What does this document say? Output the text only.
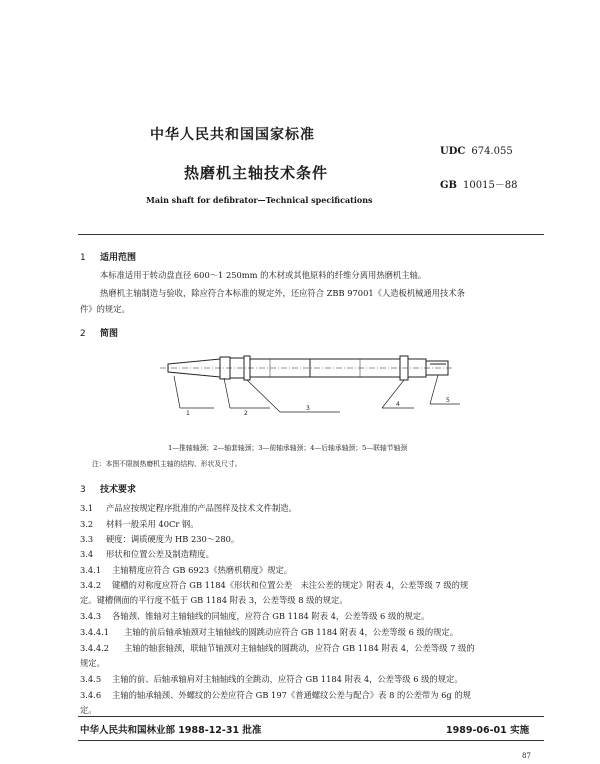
中华人民共和国国家标准
UDC 674.055
热磨机主轴技术条件
GB 10015－88
Main shaft for defibrator—Technical specifications
1 适用范围
本标准适用于转动盘直径 600～1 250mm 的木材或其他原料的纤维分离用热磨机主轴。
热磨机主轴制造与验收，除应符合本标准的规定外，还应符合 ZBB 97001《人造板机械通用技术条
件》的规定。
2 简图
1	2
3
4
5
1—推轴轴颈；2—轴套轴颈；3—前轴承轴颈；4—后轴承轴颈；5—联轴节轴颈
注：本图不限制热磨机主轴的结构、形状及尺寸。
3 技术要求
3.1 产品应按规定程序批准的产品图样及技术文件制造。
3.2 材料一般采用 40Cr 钢。
3.3 硬度：调质硬度为 HB 230～280。
3.4 形状和位置公差及制造精度。
3.4.1 主轴精度应符合 GB 6923《热磨机精度》规定。
3.4.2 键槽的对称度应符合 GB 1184《形状和位置公差　未注公差的规定》附表 4，公差等级 7 级的规
定。键槽侧面的平行度不低于 GB 1184 附表 3，公差等级 8 级的规定。
3.4.3 各轴颈、锥轴对主轴轴线的同轴度，应符合 GB 1184 附表 4，公差等级 6 级的规定。
3.4.4.1 主轴的前后轴承轴颈对主轴轴线的圆跳动应符合 GB 1184 附表 4，公差等级 6 级的规定。
3.4.4.2 主轴的轴套轴颈，联轴节轴颈对主轴轴线的圆跳动，应符合 GB 1184 附表 4，公差等级 7 级的
规定。
3.4.5 主轴的前、后轴承轴肩对主轴轴线的全跳动，应符合 GB 1184 附表 4，公差等级 6 级的规定。
3.4.6 主轴的轴承轴颈、外螺纹的公差应符合 GB 197《普通螺纹公差与配合》表 8 的公差带为 6g 的规
定。
中华人民共和国林业部 1988-12-31 批准	1989-06-01 实施
87
